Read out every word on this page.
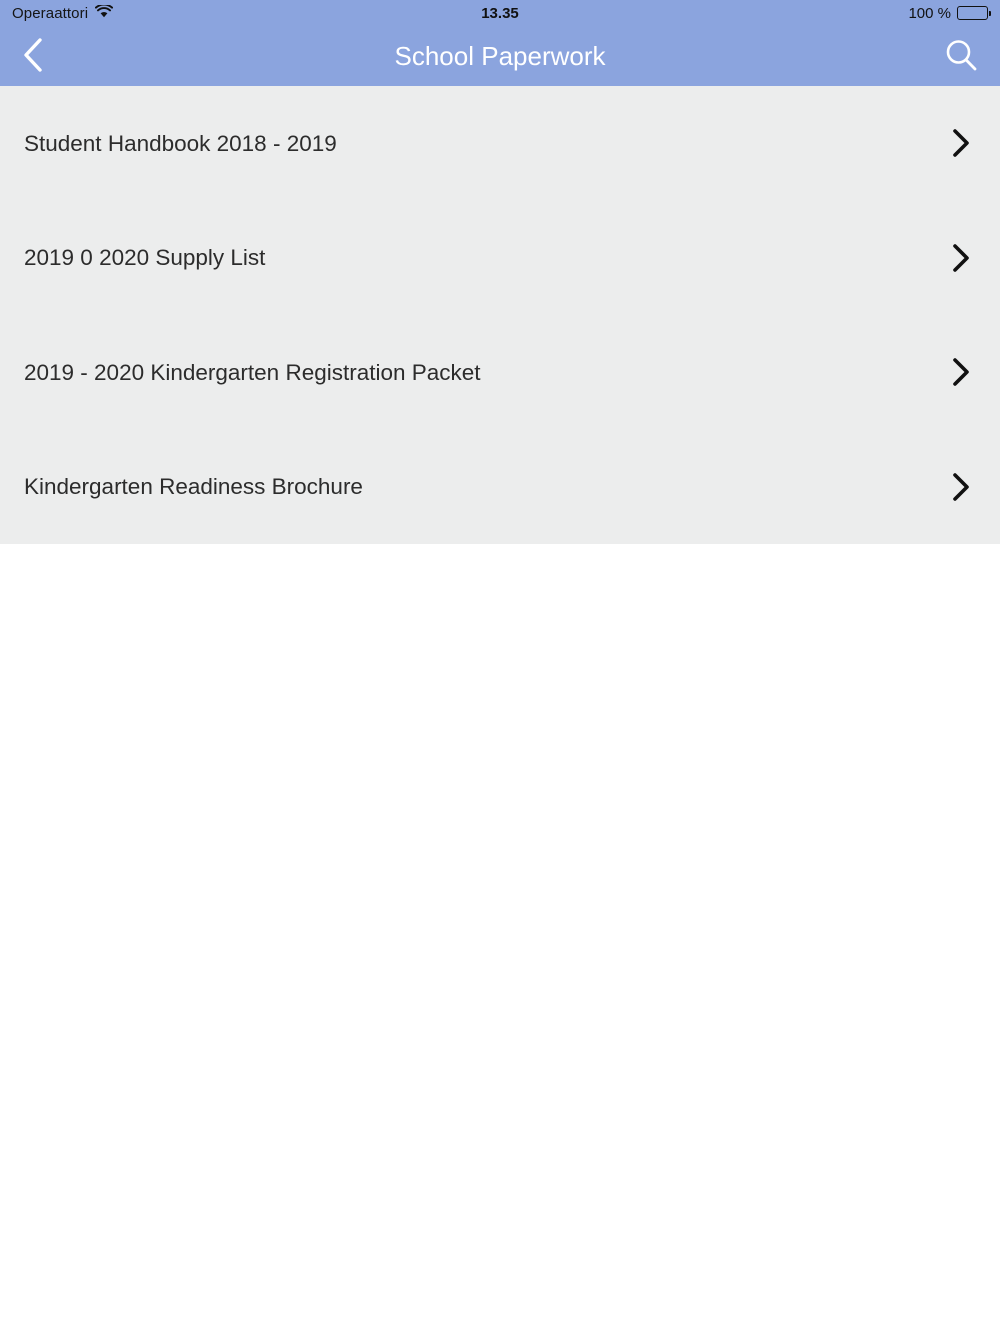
Operaattori	13.35	100 %
School Paperwork
Student Handbook 2018 - 2019
2019 0 2020 Supply List
2019 - 2020 Kindergarten Registration Packet
Kindergarten Readiness Brochure
